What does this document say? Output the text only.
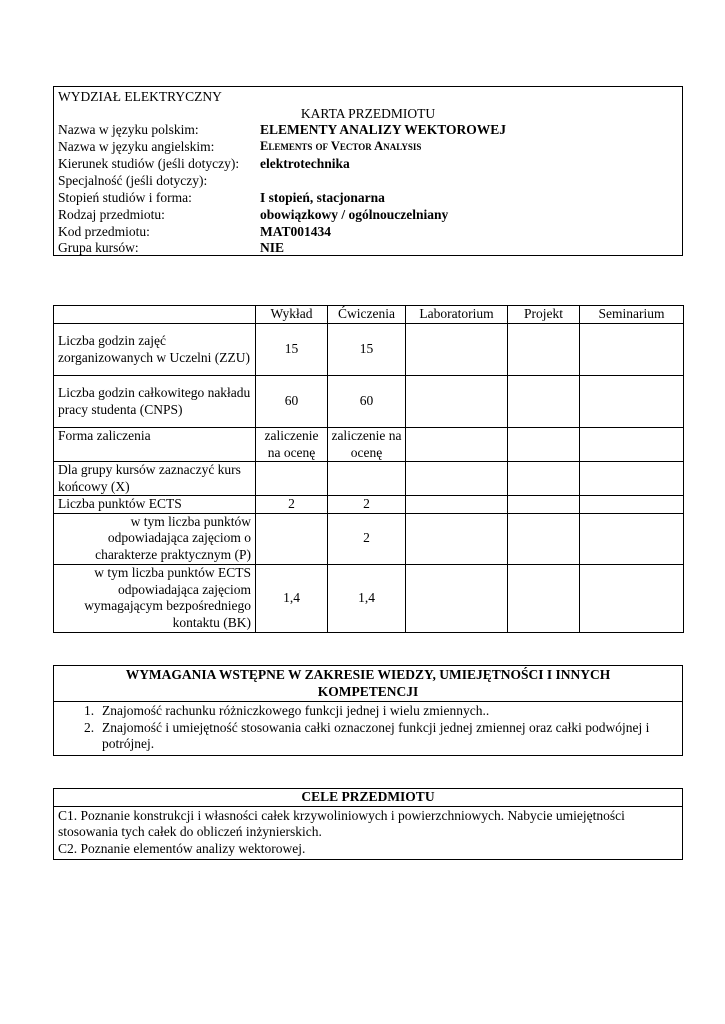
WYDZIAŁ ELEKTRYCZNY
KARTA PRZEDMIOTU
Nazwa w języku polskim:	ELEMENTY ANALIZY WEKTOROWEJ
Nazwa w języku angielskim:	Elements of Vector Analysis
Kierunek studiów (jeśli dotyczy): elektrotechnika
Specjalność (jeśli dotyczy):
Stopień studiów i forma:	I stopień, stacjonarna
Rodzaj przedmiotu:	obowiązkowy / ogólnouczelniany
Kod przedmiotu:	MAT001434
Grupa kursów:	NIE
	Wykład	Ćwiczenia	Laboratorium	Projekt	Seminarium
Liczba godzin zajęć zorganizowanych w Uczelni (ZZU)	15	15			
Liczba godzin całkowitego nakładu pracy studenta (CNPS)	60	60			
Forma zaliczenia	zaliczenie na ocenę	zaliczenie na ocenę			
Dla grupy kursów zaznaczyć kurs końcowy (X)					
Liczba punktów ECTS	2	2			
w tym liczba punktów odpowiadająca zajęciom o charakterze praktycznym (P)		2			
w tym liczba punktów ECTS odpowiadająca zajęciom wymagającym bezpośredniego kontaktu (BK)	1,4	1,4			
WYMAGANIA WSTĘPNE W ZAKRESIE WIEDZY, UMIEJĘTNOŚCI I INNYCH KOMPETENCJI

1. Znajomość rachunku różniczkowego funkcji jednej i wielu zmiennych..
2. Znajomość i umiejętność stosowania całki oznaczonej funkcji jednej zmiennej oraz całki podwójnej i potrójnej.
CELE PRZEDMIOTU

C1. Poznanie konstrukcji i własności całek krzywoliniowych i powierzchniowych. Nabycie umiejętności stosowania tych całek do obliczeń inżynierskich.
C2. Poznanie elementów analizy wektorowej.
